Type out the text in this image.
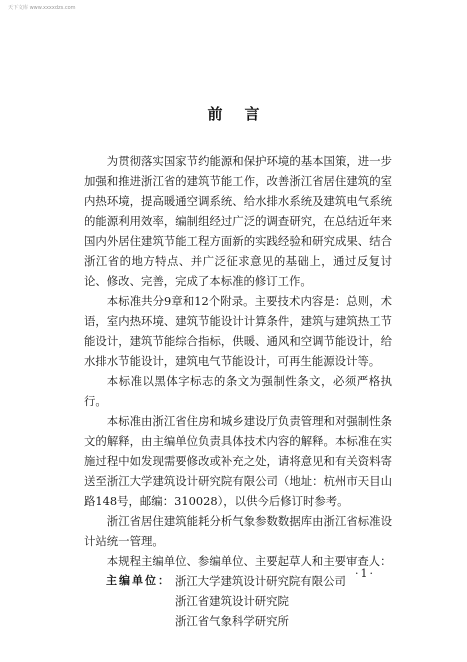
天下文库 www.xxxxdzs.com
前言

为贯彻落实国家节约能源和保护环境的基本国策，进一步加强和推进浙江省的建筑节能工作，改善浙江省居住建筑的室内热环境，提高暖通空调系统、给水排水系统及建筑电气系统的能源利用效率，编制组经过广泛的调查研究，在总结近年来国内外居住建筑节能工程方面新的实践经验和研究成果、结合浙江省的地方特点、并广泛征求意见的基础上，通过反复讨论、修改、完善，完成了本标准的修订工作。

本标准共分9章和12个附录。主要技术内容是：总则，术语，室内热环境、建筑节能设计计算条件，建筑与建筑热工节能设计，建筑节能综合指标，供暖、通风和空调节能设计，给水排水节能设计，建筑电气节能设计，可再生能源设计等。

本标准以黑体字标志的条文为强制性条文，必须严格执行。

本标准由浙江省住房和城乡建设厅负责管理和对强制性条文的解释，由主编单位负责具体技术内容的解释。本标准在实施过程中如发现需要修改或补充之处，请将意见和有关资料寄送至浙江大学建筑设计研究院有限公司（地址：杭州市天目山路148号，邮编：310028），以供今后修订时参考。

浙江省居住建筑能耗分析气象参数数据库由浙江省标准设计站统一管理。

本规程主编单位、参编单位、主要起草人和主要审查人：

主编单位： 浙江大学建筑设计研究院有限公司
浙江省建筑设计研究院
浙江省气象科学研究所
·1·
